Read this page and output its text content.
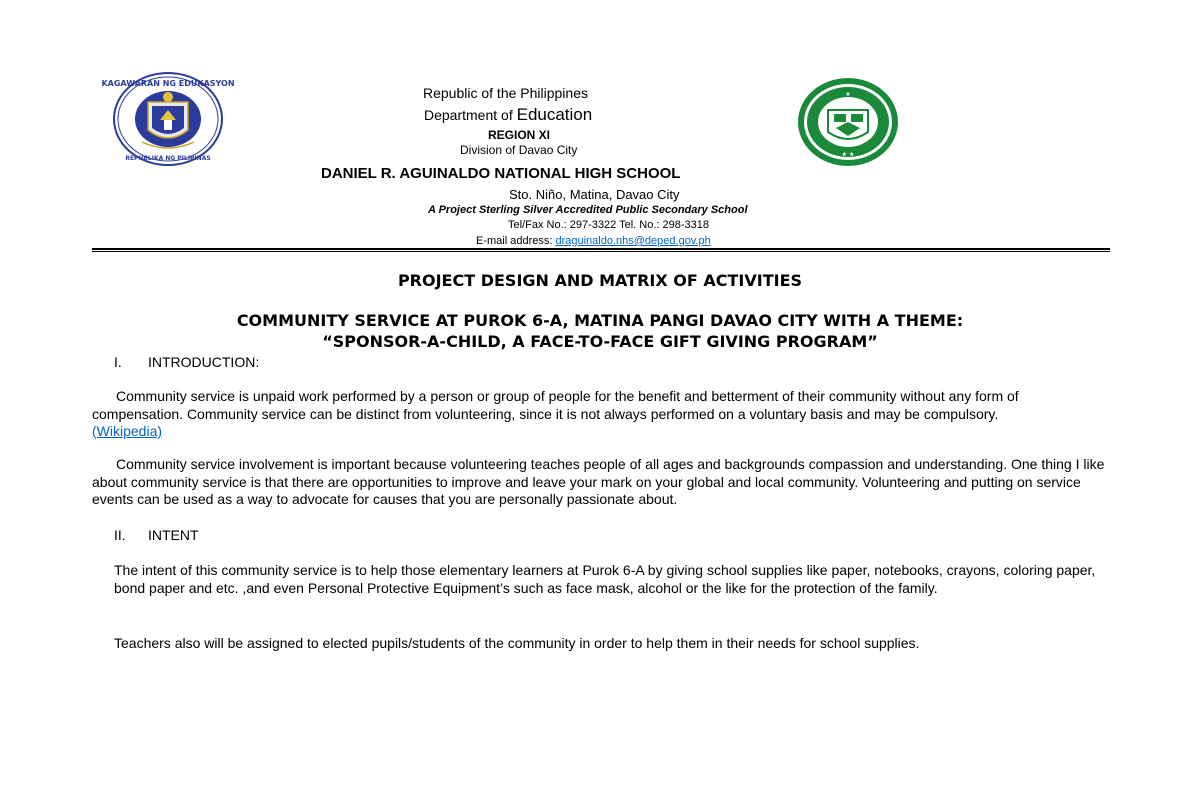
KAGAWARAN NG EDUKASYON
REPUBLIKA NG PILIPINAS
★
★ ★
Republic of the Philippines
Department of Education
REGION XI
Division of Davao City
DANIEL R. AGUINALDO NATIONAL HIGH SCHOOL
Sto. Niño, Matina, Davao City
A Project Sterling Silver Accredited Public Secondary School
Tel/Fax No.: 297-3322 Tel. No.: 298-3318
E-mail address: draguinaldo.nhs@deped.gov.ph
PROJECT DESIGN AND MATRIX OF ACTIVITIES
COMMUNITY SERVICE AT PUROK 6-A, MATINA PANGI DAVAO CITY WITH A THEME:
“SPONSOR-A-CHILD, A FACE-TO-FACE GIFT GIVING PROGRAM”
I. INTRODUCTION:
Community service is unpaid work performed by a person or group of people for the benefit and betterment of their community without any form of compensation. Community service can be distinct from volunteering, since it is not always performed on a voluntary basis and may be compulsory.
(Wikipedia)
Community service involvement is important because volunteering teaches people of all ages and backgrounds compassion and understanding. One thing I like about community service is that there are opportunities to improve and leave your mark on your global and local community. Volunteering and putting on service events can be used as a way to advocate for causes that you are personally passionate about.
II. INTENT
The intent of this community service is to help those elementary learners at Purok 6-A by giving school supplies like paper, notebooks, crayons, coloring paper, bond paper and etc. ,and even Personal Protective Equipment’s such as face mask, alcohol or the like for the protection of the family.
Teachers also will be assigned to elected pupils/students of the community in order to help them in their needs for school supplies.
